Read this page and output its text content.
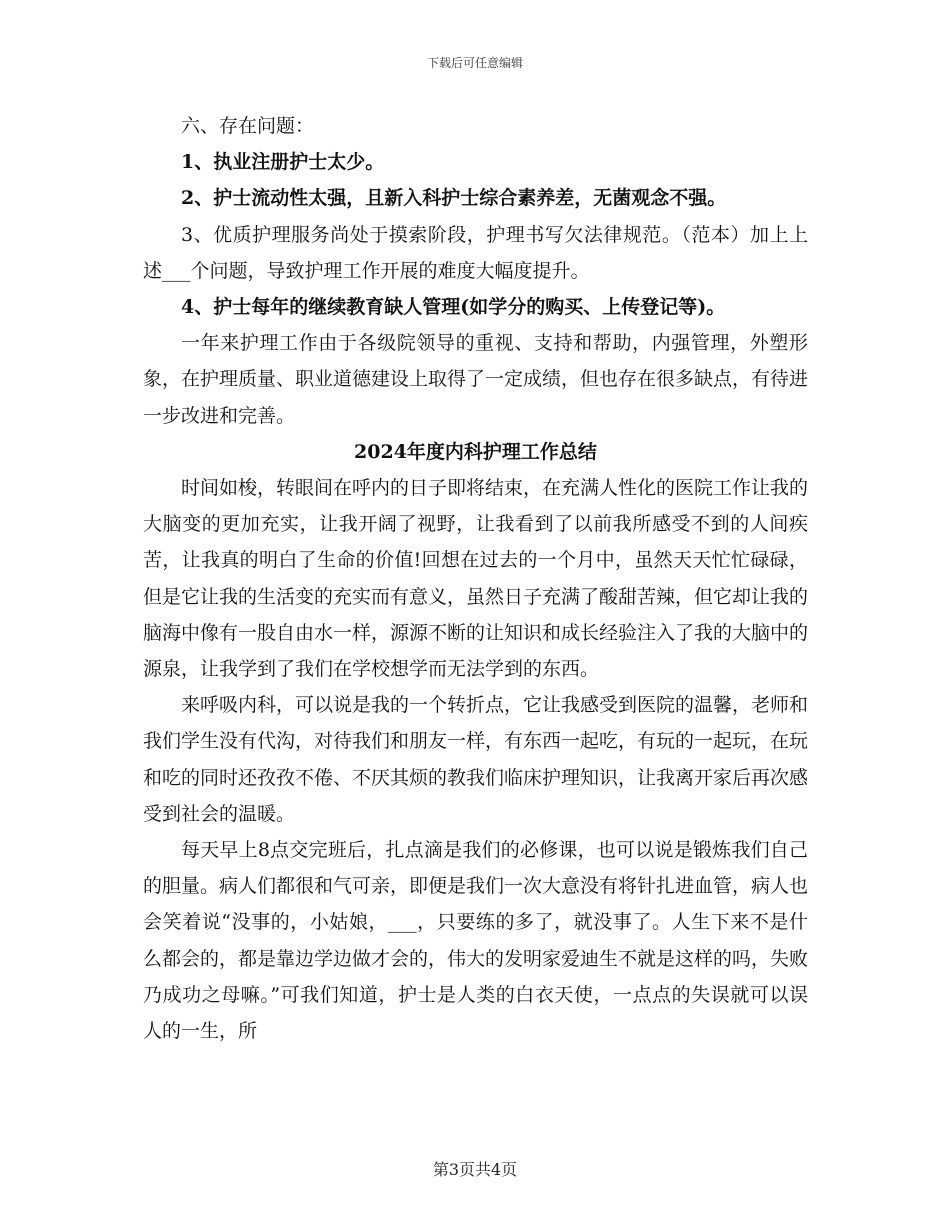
下载后可任意编辑
六、存在问题：
1、执业注册护士太少。
2、护士流动性太强，且新入科护士综合素养差，无菌观念不强。

3、优质护理服务尚处于摸索阶段，护理书写欠法律规范。（范本）加上上述___个问题，导致护理工作开展的难度大幅度提升。

4、护士每年的继续教育缺人管理(如学分的购买、上传登记等)。

一年来护理工作由于各级院领导的重视、支持和帮助，内强管理，外塑形象，在护理质量、职业道德建设上取得了一定成绩，但也存在很多缺点，有待进一步改进和完善。

2024年度内科护理工作总结

时间如梭，转眼间在呼内的日子即将结束，在充满人性化的医院工作让我的大脑变的更加充实，让我开阔了视野，让我看到了以前我所感受不到的人间疾苦，让我真的明白了生命的价值!回想在过去的一个月中，虽然天天忙忙碌碌，但是它让我的生活变的充实而有意义，虽然日子充满了酸甜苦辣，但它却让我的脑海中像有一股自由水一样，源源不断的让知识和成长经验注入了我的大脑中的源泉，让我学到了我们在学校想学而无法学到的东西。

来呼吸内科，可以说是我的一个转折点，它让我感受到医院的温馨，老师和我们学生没有代沟，对待我们和朋友一样，有东西一起吃，有玩的一起玩，在玩和吃的同时还孜孜不倦、不厌其烦的教我们临床护理知识，让我离开家后再次感受到社会的温暖。

每天早上8点交完班后，扎点滴是我们的必修课，也可以说是锻炼我们自己的胆量。病人们都很和气可亲，即便是我们一次大意没有将针扎进血管，病人也会笑着说“没事的，小姑娘，___，只要练的多了，就没事了。人生下来不是什么都会的，都是靠边学边做才会的，伟大的发明家爱迪生不就是这样的吗，失败乃成功之母嘛。”可我们知道，护士是人类的白衣天使，一点点的失误就可以误人的一生，所

第3页共4页
